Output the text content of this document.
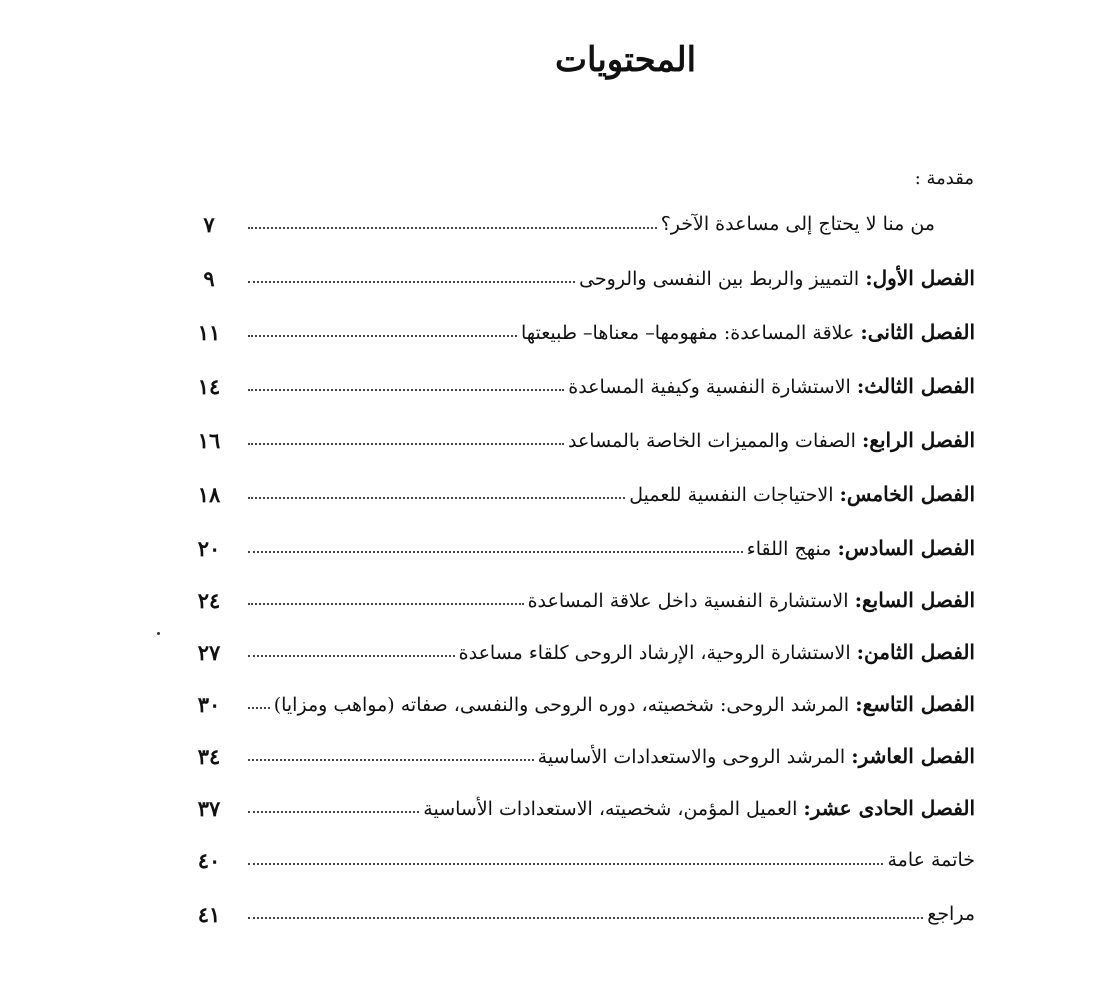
المحتويات
مقدمة :
من منا لا يحتاج إلى مساعدة الآخر؟
٧
الفصل الأول: التمييز والربط بين النفسى والروحى
٩
الفصل الثانى: علاقة المساعدة: مفهومها– معناها– طبيعتها
١١
الفصل الثالث: الاستشارة النفسية وكيفية المساعدة
١٤
الفصل الرابع: الصفات والمميزات الخاصة بالمساعد
١٦
الفصل الخامس: الاحتياجات النفسية للعميل
١٨
الفصل السادس: منهج اللقاء
٢٠
الفصل السابع: الاستشارة النفسية داخل علاقة المساعدة
٢٤
الفصل الثامن: الاستشارة الروحية، الإرشاد الروحى كلقاء مساعدة
٢٧
الفصل التاسع: المرشد الروحى: شخصيته، دوره الروحى والنفسى، صفاته (مواهب ومزايا)
٣٠
الفصل العاشر: المرشد الروحى والاستعدادات الأساسية
٣٤
الفصل الحادى عشر: العميل المؤمن، شخصيته، الاستعدادات الأساسية
٣٧
خاتمة عامة
٤٠
مراجع
٤١
